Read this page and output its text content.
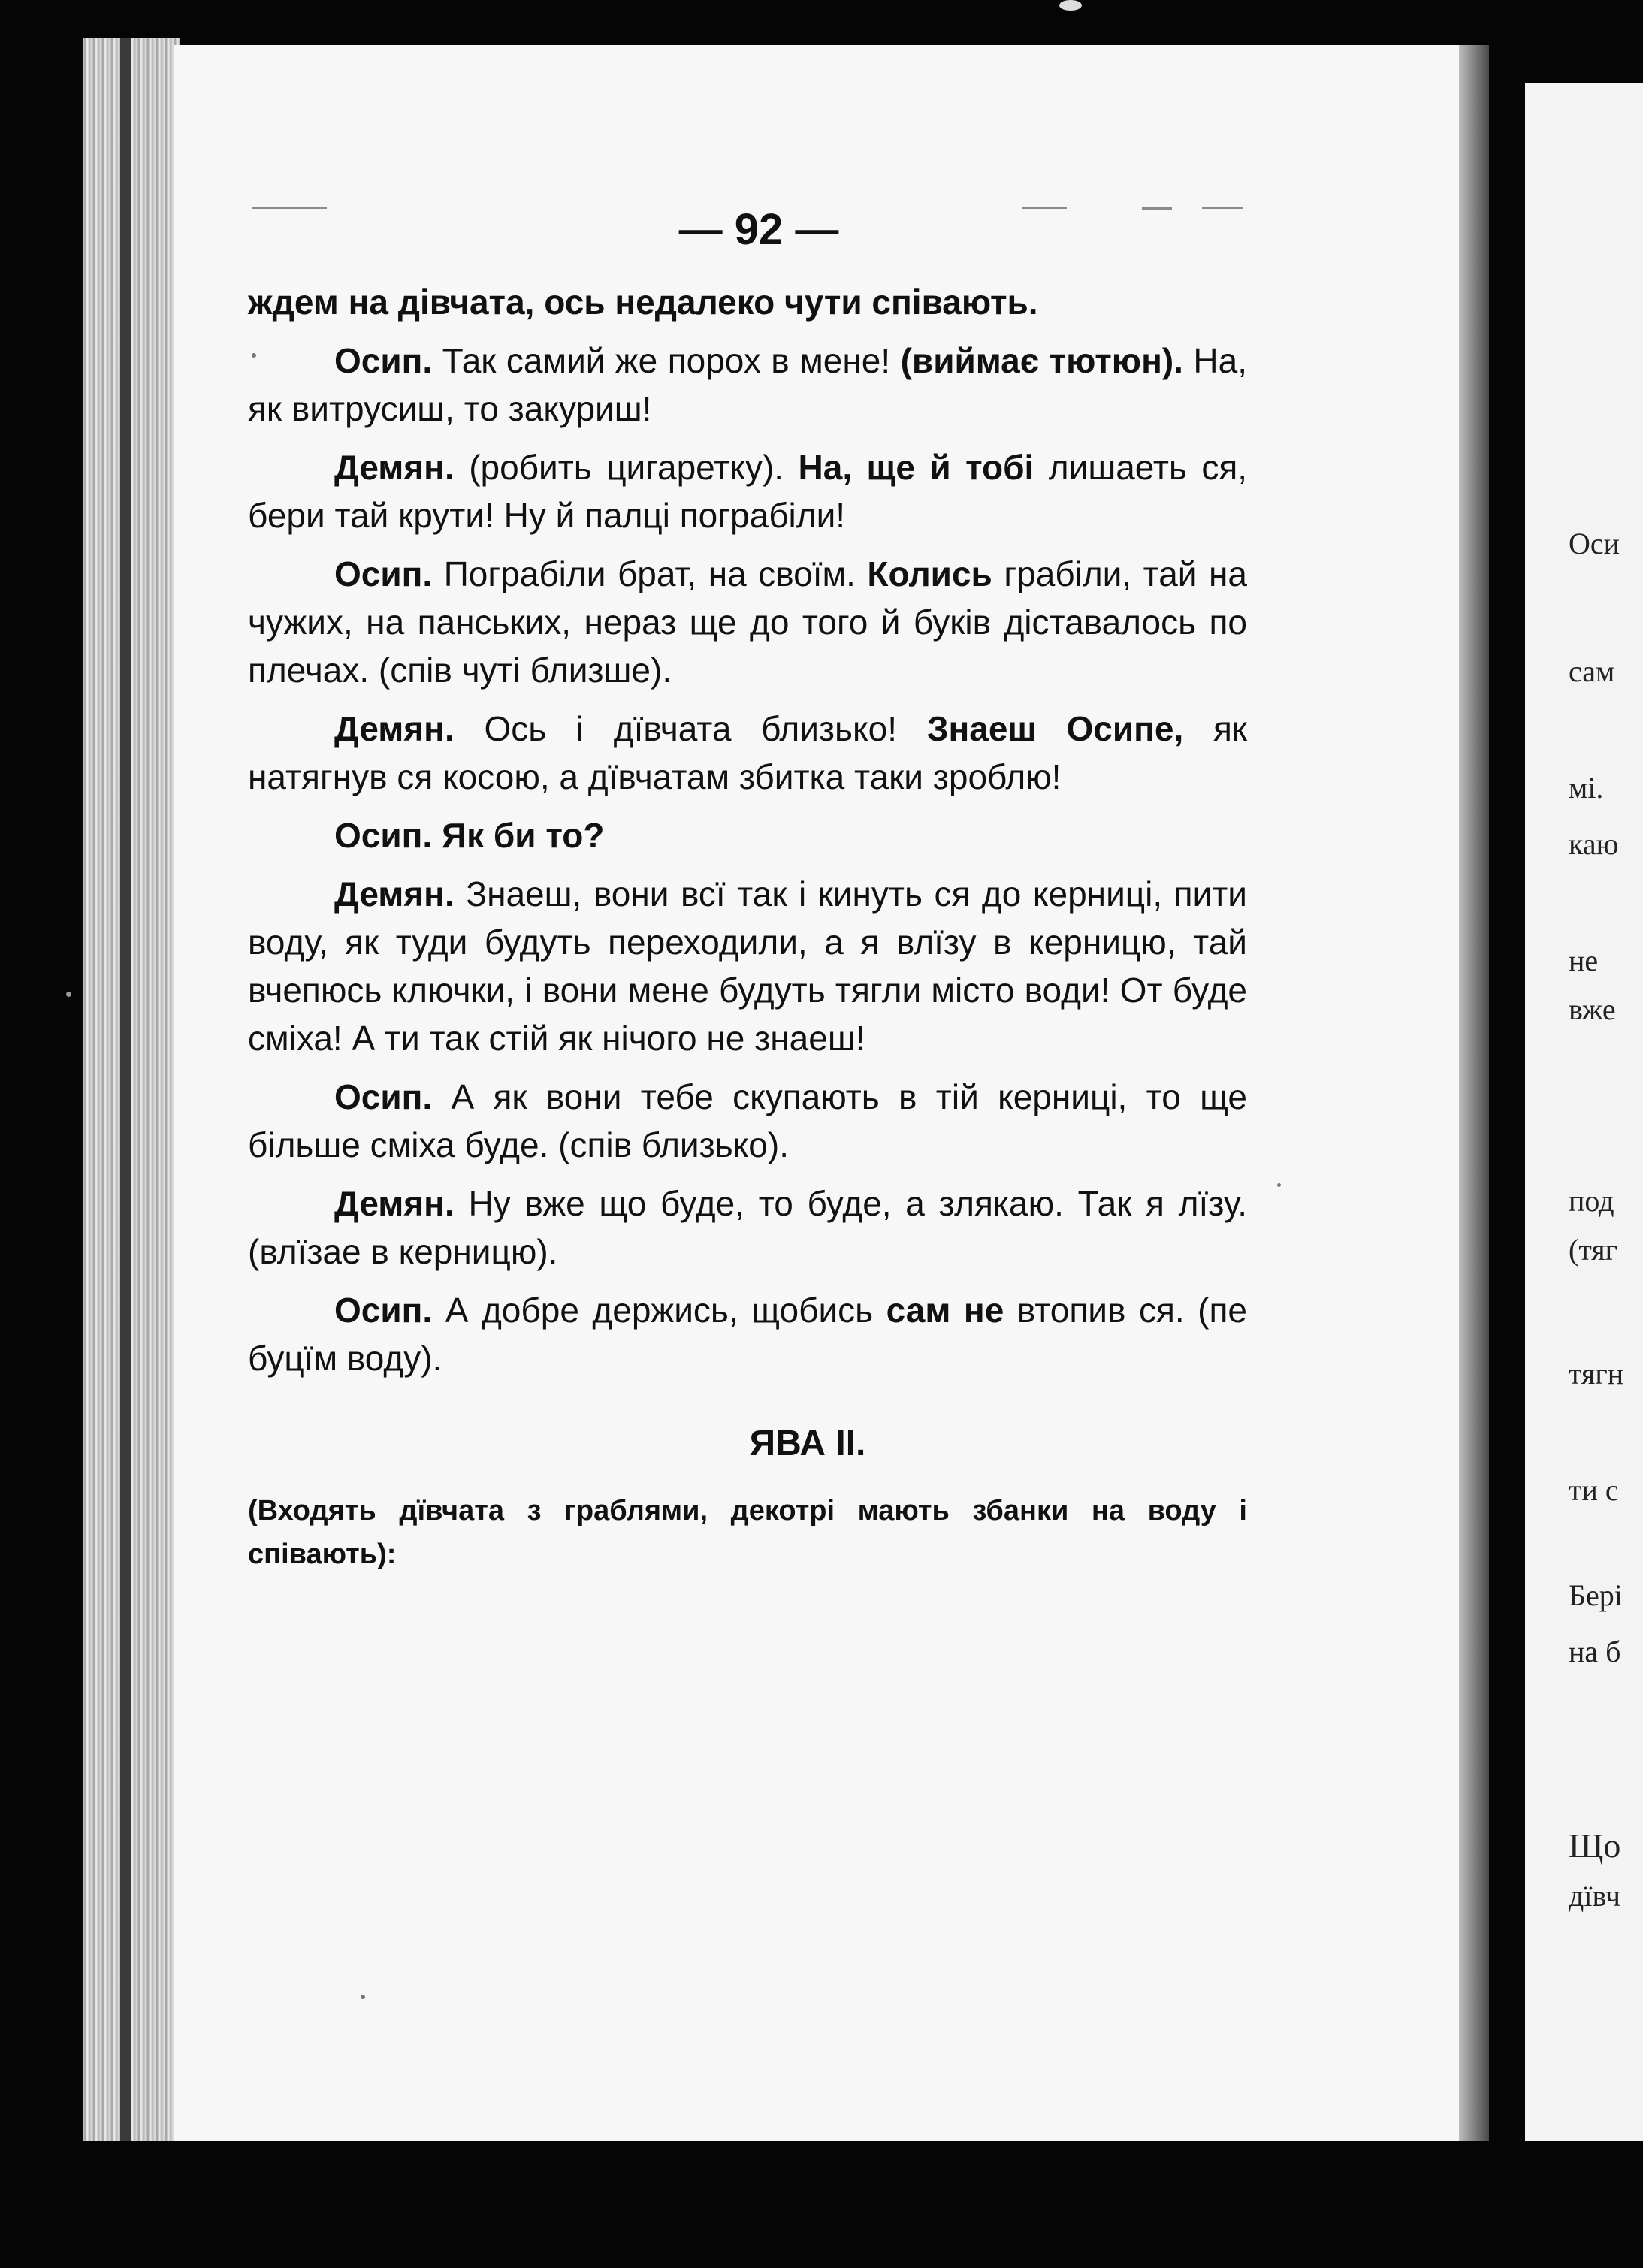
— 92 —

ждем на дівчата, ось недалеко чути співають.

Осип. Так самий же порох в мене! (виймає тютюн). На, як витрусиш, то закуриш!

Демян. (робить цигаретку). На, ще й тобі лишаеть ся, бери тай крути! Ну й палці пограбіли!

Осип. Пограбіли брат, на своїм. Колись грабіли, тай на чужих, на панських, нераз ще до того й буків діставалось по плечах. (спів чуті близше).

Демян. Ось і дївчата близько! Знаеш Осипе, як натягнув ся косою, а дївчатам збитка таки зроблю!

Осип. Як би то?

Демян. Знаеш, вони всї так і кинуть ся до керниці, пити воду, як туди будуть переходили, а я влїзу в керницю, тай вчепюсь ключки, і вони мене будуть тягли місто води! От буде сміха! А ти так стій як нічого не знаеш!

Осип. А як вони тебе скупають в тій керниці, то ще більше сміха буде. (спів близько).

Демян. Ну вже що буде, то буде, а злякаю. Так я лїзу. (влїзае в керницю).

Осип. А добре держись, щобись сам не втопив ся. (пе буцїм воду).

ЯВА II.

(Входять дївчата з граблями, декотрі мають збанки на воду і співають):

Оси
сам
мі.
каю
не
вже
под
(тяг
тягн
ти с
Бері
на б
Що
дївч
